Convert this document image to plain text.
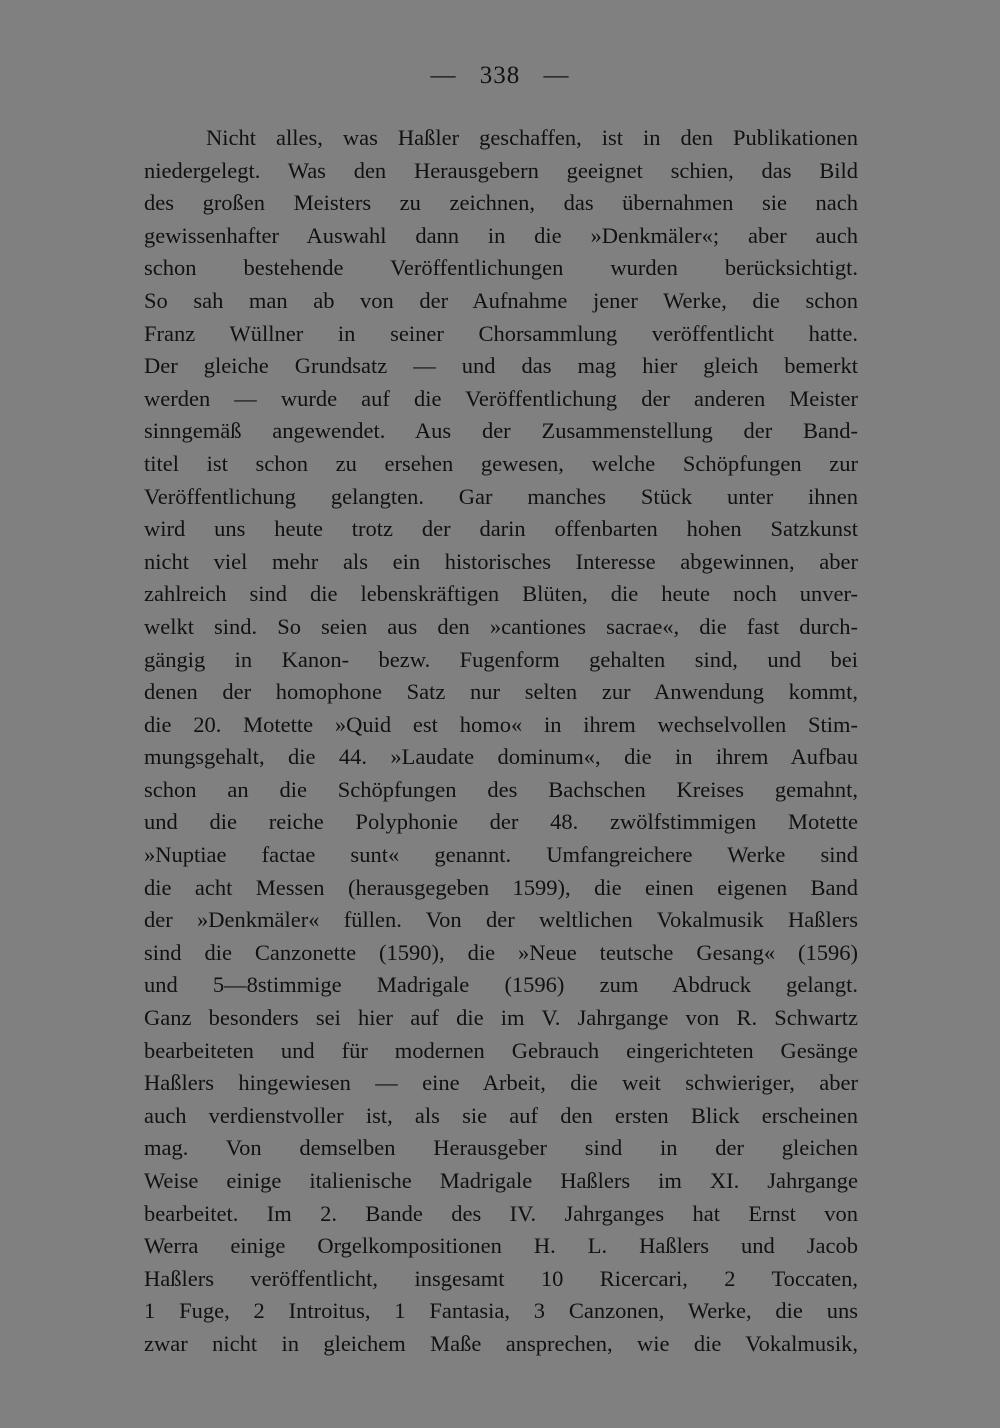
— 338 —
Nicht alles, was Haßler geschaffen, ist in den Publikationen
niedergelegt. Was den Herausgebern geeignet schien, das Bild
des großen Meisters zu zeichnen, das übernahmen sie nach
gewissenhafter Auswahl dann in die »Denkmäler«; aber auch
schon bestehende Veröffentlichungen wurden berücksichtigt.
So sah man ab von der Aufnahme jener Werke, die schon
Franz Wüllner in seiner Chorsammlung veröffentlicht hatte.
Der gleiche Grundsatz — und das mag hier gleich bemerkt
werden — wurde auf die Veröffentlichung der anderen Meister
sinngemäß angewendet. Aus der Zusammenstellung der Band-
titel ist schon zu ersehen gewesen, welche Schöpfungen zur
Veröffentlichung gelangten. Gar manches Stück unter ihnen
wird uns heute trotz der darin offenbarten hohen Satzkunst
nicht viel mehr als ein historisches Interesse abgewinnen, aber
zahlreich sind die lebenskräftigen Blüten, die heute noch unver-
welkt sind. So seien aus den »cantiones sacrae«, die fast durch-
gängig in Kanon- bezw. Fugenform gehalten sind, und bei
denen der homophone Satz nur selten zur Anwendung kommt,
die 20. Motette »Quid est homo« in ihrem wechselvollen Stim-
mungsgehalt, die 44. »Laudate dominum«, die in ihrem Aufbau
schon an die Schöpfungen des Bachschen Kreises gemahnt,
und die reiche Polyphonie der 48. zwölfstimmigen Motette
»Nuptiae factae sunt« genannt. Umfangreichere Werke sind
die acht Messen (herausgegeben 1599), die einen eigenen Band
der »Denkmäler« füllen. Von der weltlichen Vokalmusik Haßlers
sind die Canzonette (1590), die »Neue teutsche Gesang« (1596)
und 5—8stimmige Madrigale (1596) zum Abdruck gelangt.
Ganz besonders sei hier auf die im V. Jahrgange von R. Schwartz
bearbeiteten und für modernen Gebrauch eingerichteten Gesänge
Haßlers hingewiesen — eine Arbeit, die weit schwieriger, aber
auch verdienstvoller ist, als sie auf den ersten Blick erscheinen
mag. Von demselben Herausgeber sind in der gleichen
Weise einige italienische Madrigale Haßlers im XI. Jahrgange
bearbeitet. Im 2. Bande des IV. Jahrganges hat Ernst von
Werra einige Orgelkompositionen H. L. Haßlers und Jacob
Haßlers veröffentlicht, insgesamt 10 Ricercari, 2 Toccaten,
1 Fuge, 2 Introitus, 1 Fantasia, 3 Canzonen, Werke, die uns
zwar nicht in gleichem Maße ansprechen, wie die Vokalmusik,
